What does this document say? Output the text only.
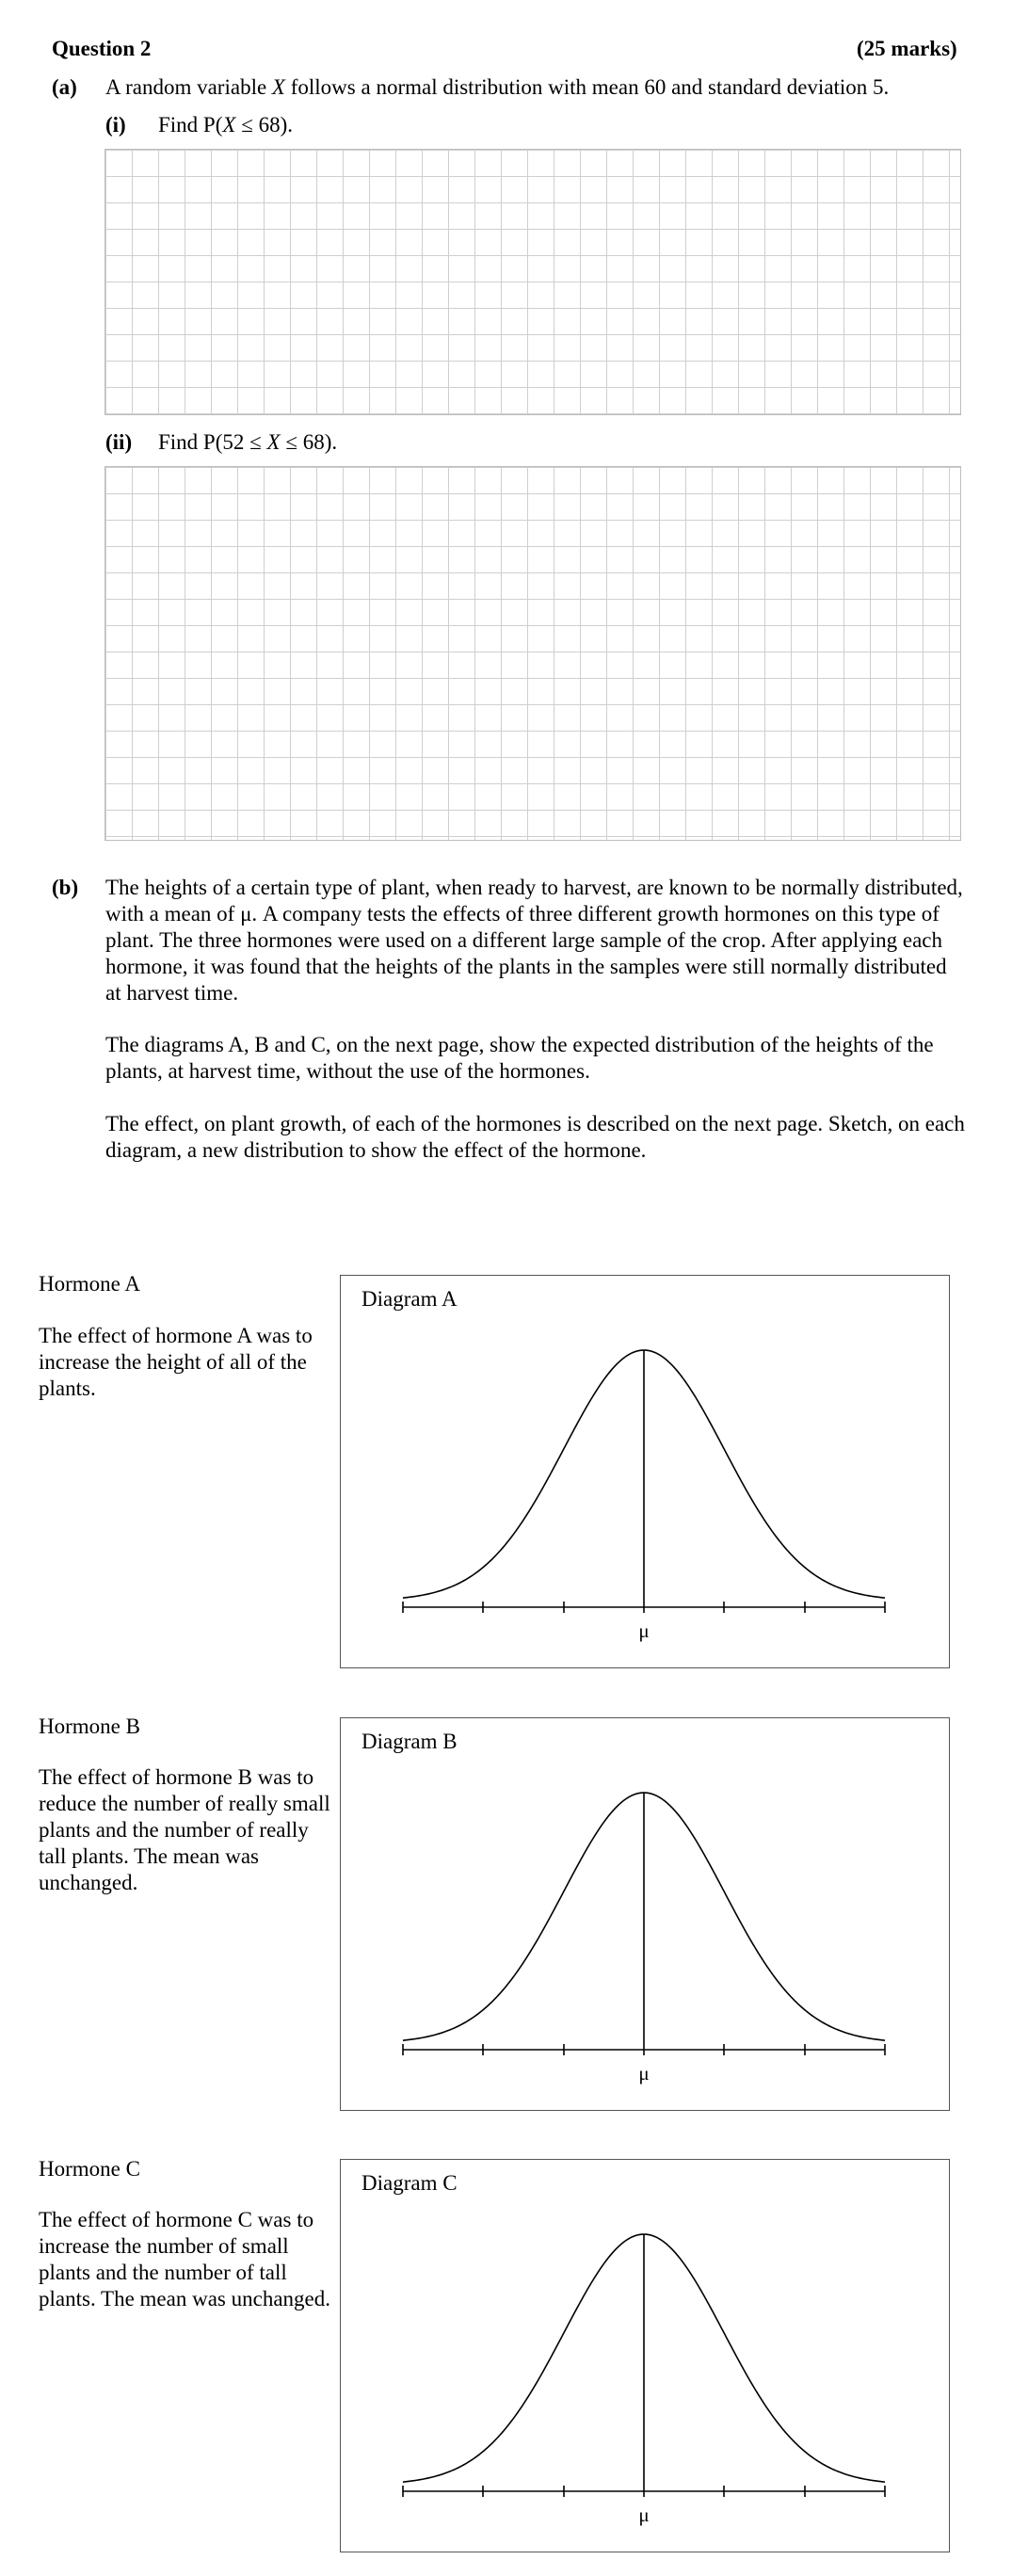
Question 2	(25 marks)
(a) A random variable X follows a normal distribution with mean 60 and standard deviation 5.
(i) Find P(X ≤ 68).
(ii) Find P(52 ≤ X ≤ 68).
(b) The heights of a certain type of plant, when ready to harvest, are known to be normally distributed, with a mean of μ. A company tests the effects of three different growth hormones on this type of plant. The three hormones were used on a different large sample of the crop. After applying each hormone, it was found that the heights of the plants in the samples were still normally distributed at harvest time.
The diagrams A, B and C, on the next page, show the expected distribution of the heights of the plants, at harvest time, without the use of the hormones.
The effect, on plant growth, of each of the hormones is described on the next page. Sketch, on each diagram, a new distribution to show the effect of the hormone.
Hormone A
The effect of hormone A was to increase the height of all of the plants.
Diagram A
μ
Hormone B
The effect of hormone B was to reduce the number of really small plants and the number of really tall plants. The mean was unchanged.
Diagram B
μ
Hormone C
The effect of hormone C was to increase the number of small plants and the number of tall plants. The mean was unchanged.
Diagram C
μ
